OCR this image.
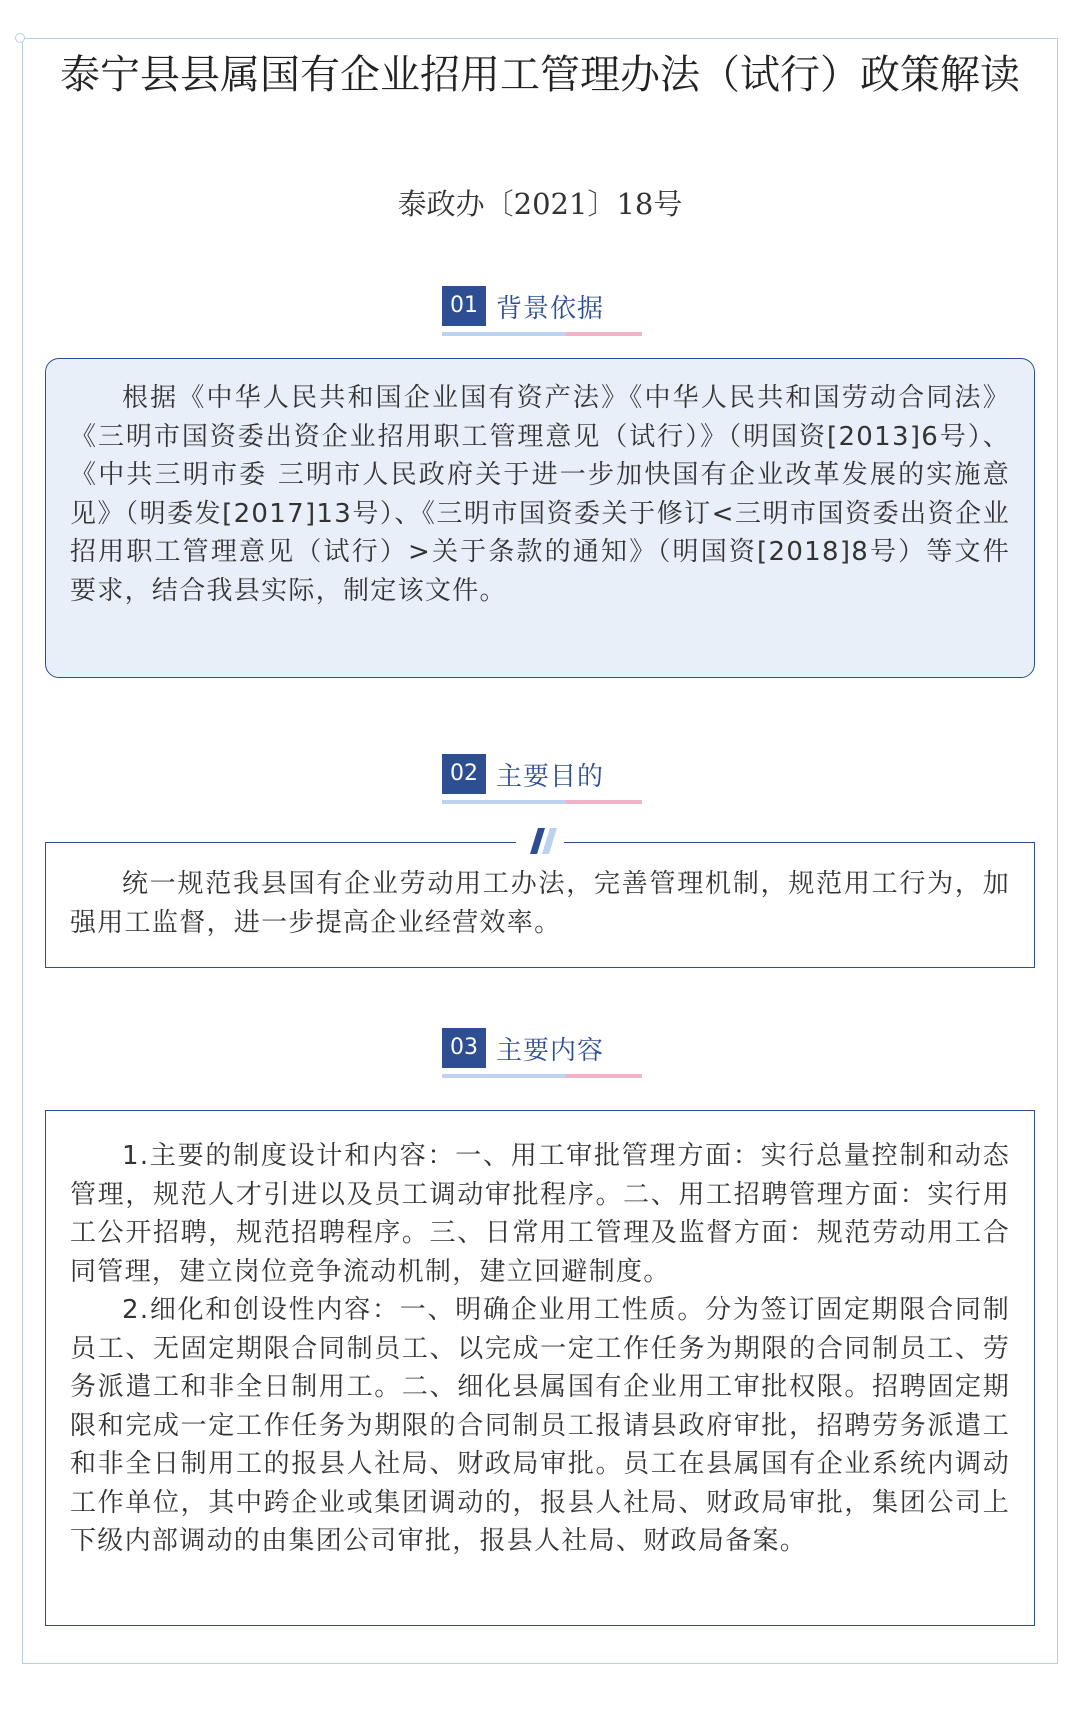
泰宁县县属国有企业招用工管理办法（试行）政策解读
泰政办〔2021〕18号
01 背景依据

根据《中华人民共和国企业国有资产法》《中华人民共和国劳动合同法》《三明市国资委出资企业招用职工管理意见（试行）》（明国资[2013]6号）、《中共三明市委 三明市人民政府关于进一步加快国有企业改革发展的实施意见》（明委发[2017]13号）、《三明市国资委关于修订<三明市国资委出资企业招用职工管理意见（试行）>关于条款的通知》（明国资[2018]8号）等文件要求，结合我县实际，制定该文件。

02 主要目的

统一规范我县国有企业劳动用工办法，完善管理机制，规范用工行为，加强用工监督，进一步提高企业经营效率。

03 主要内容

1.主要的制度设计和内容：一、用工审批管理方面：实行总量控制和动态管理，规范人才引进以及员工调动审批程序。二、用工招聘管理方面：实行用工公开招聘，规范招聘程序。三、日常用工管理及监督方面：规范劳动用工合同管理，建立岗位竞争流动机制，建立回避制度。

2.细化和创设性内容：一、明确企业用工性质。分为签订固定期限合同制员工、无固定期限合同制员工、以完成一定工作任务为期限的合同制员工、劳务派遣工和非全日制用工。二、细化县属国有企业用工审批权限。招聘固定期限和完成一定工作任务为期限的合同制员工报请县政府审批，招聘劳务派遣工和非全日制用工的报县人社局、财政局审批。员工在县属国有企业系统内调动工作单位，其中跨企业或集团调动的，报县人社局、财政局审批，集团公司上下级内部调动的由集团公司审批，报县人社局、财政局备案。
